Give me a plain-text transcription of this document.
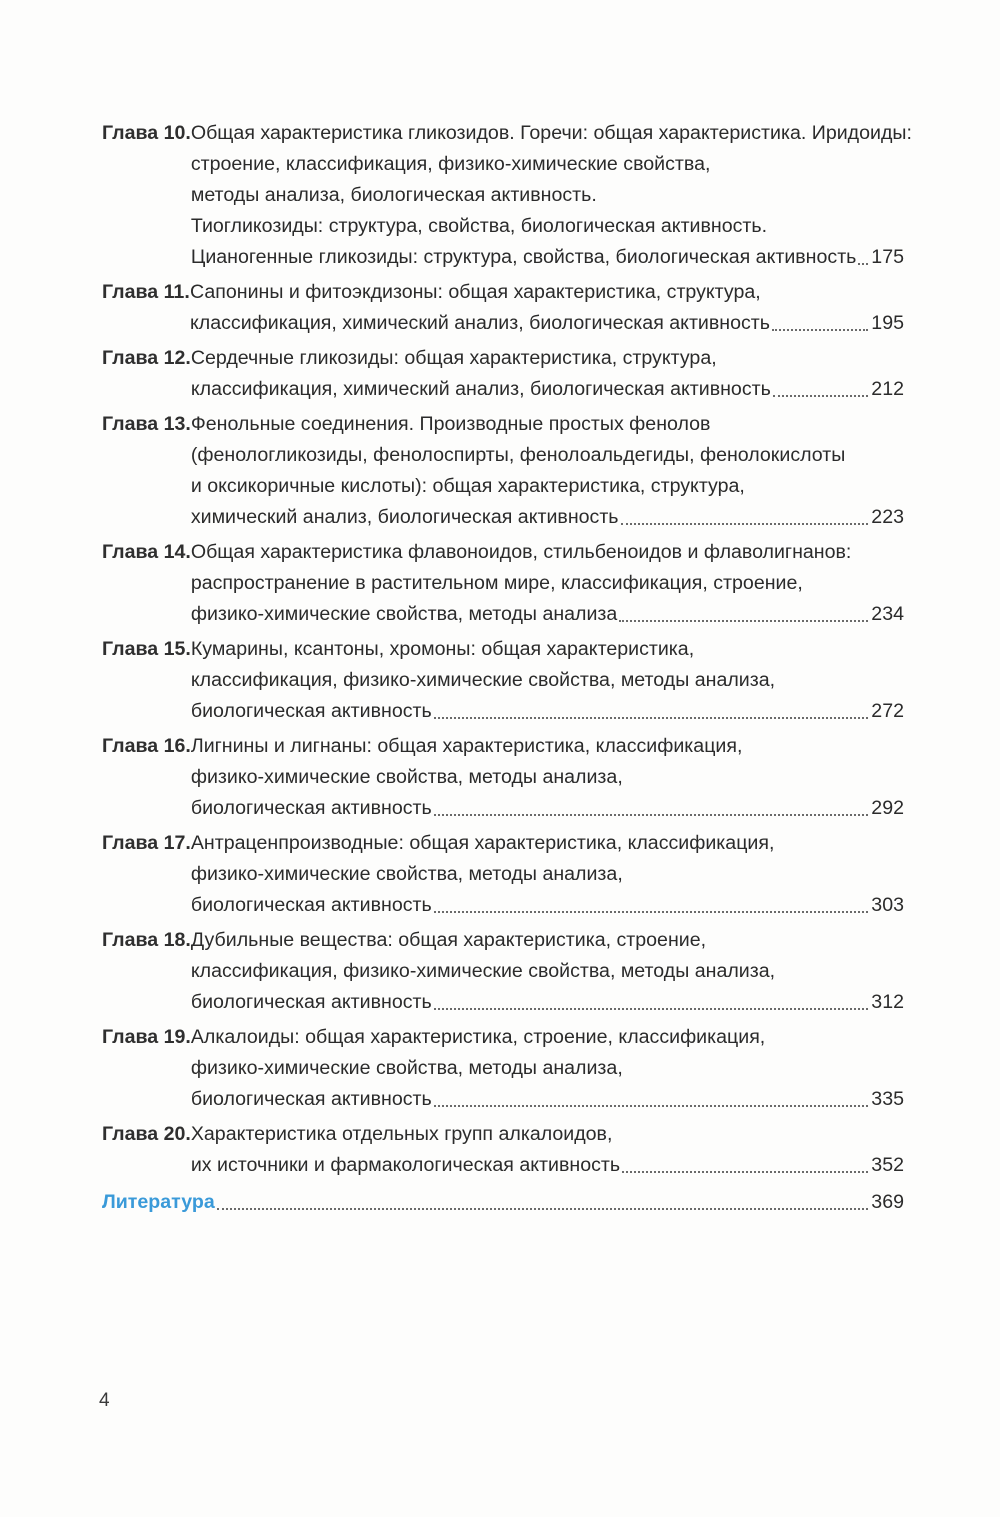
Глава 10. Общая характеристика гликозидов. Горечи: общая характеристика. Иридоиды:
строение, классификация, физико-химические свойства,
методы анализа, биологическая активность.
Тиогликозиды: структура, свойства, биологическая активность.
Цианогенные гликозиды: структура, свойства, биологическая активность 175
Глава 11. Сапонины и фитоэкдизоны: общая характеристика, структура,
классификация, химический анализ, биологическая активность	195
Глава 12. Сердечные гликозиды: общая характеристика, структура,
классификация, химический анализ, биологическая активность	212
Глава 13. Фенольные соединения. Производные простых фенолов
(фенологликозиды, фенолоспирты, фенолоальдегиды, фенолокислоты
и оксикоричные кислоты): общая характеристика, структура,
химический анализ, биологическая активность	223
Глава 14. Общая характеристика флавоноидов, стильбеноидов и флаволигнанов:
распространение в растительном мире, классификация, строение,
физико-химические свойства, методы анализа	234
Глава 15. Кумарины, ксантоны, хромоны: общая характеристика,
классификация, физико-химические свойства, методы анализа,
биологическая активность	272
Глава 16. Лигнины и лигнаны: общая характеристика, классификация,
физико-химические свойства, методы анализа,
биологическая активность	292
Глава 17. Антраценпроизводные: общая характеристика, классификация,
физико-химические свойства, методы анализа,
биологическая активность	303
Глава 18. Дубильные вещества: общая характеристика, строение,
классификация, физико-химические свойства, методы анализа,
биологическая активность	312
Глава 19. Алкалоиды: общая характеристика, строение, классификация,
физико-химические свойства, методы анализа,
биологическая активность	335
Глава 20. Характеристика отдельных групп алкалоидов,
их источники и фармакологическая активность	352
Литература	369
4
